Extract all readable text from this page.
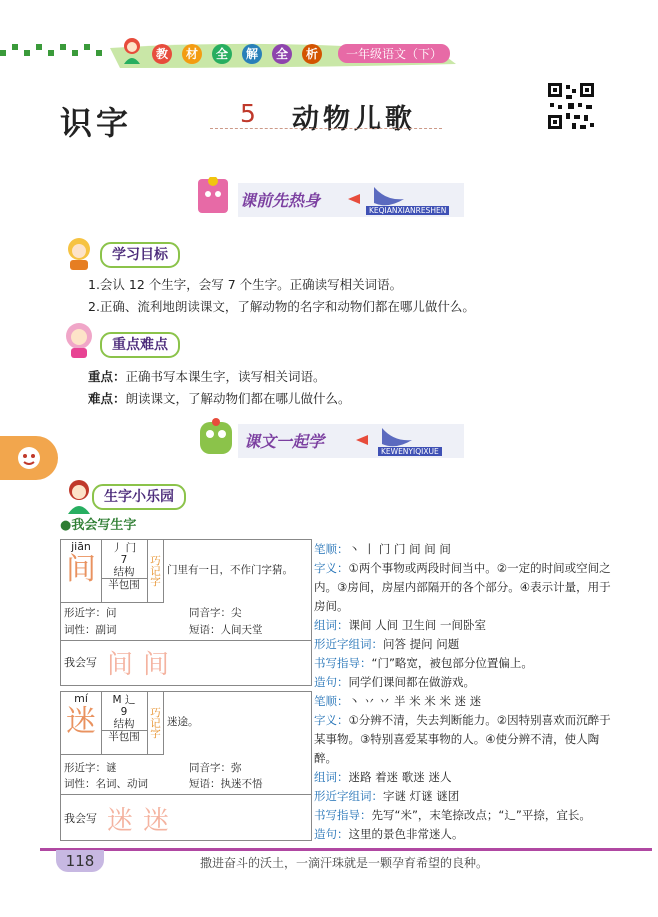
教	材	全	解	全	析	一年级语文（下）
识字	5 动物儿歌
课前先热身
KEQIANXIANRESHEN
学习目标
1.会认 12 个生字，会写 7 个生字。正确读写相关词语。
2.正确、流利地朗读课文，了解动物的名字和动物们都在哪儿做什么。
重点难点
重点：正确书写本课生字，读写相关词语。
难点：朗读课文，了解动物们都在哪儿做什么。
课文一起学
KEWENYIQIXUE
生字小乐园
●我会写生字
jiān
间
丿 门
7
结构
半包围 巧记字 门里有一日，不作门字猜。
形近字：问	同音字：尖
词性：副词	短语：人间天堂
我会写 间间
笔顺：丶 丨 门 门 间 间 间
字义：①两个事物或两段时间当中。②一定的时间或空间之内。③房间，房屋内部隔开的各个部分。④表示计量，用于房间。
组词：课间 人间 卫生间 一间卧室
形近字组词：问答 提问 问题
书写指导：“门”略宽，被包部分位置偏上。
造句：同学们课间都在做游戏。
mí
迷
M 辶
9
结构
半包围 巧记字 迷途。
形近字：谜	同音字：弥
词性：名词、动词	短语：执迷不悟
我会写 迷迷
笔顺：丶 丷 丷 半 米 米 米 迷 迷
字义：①分辨不清，失去判断能力。②因特别喜欢而沉醉于某事物。③特别喜爱某事物的人。④使分辨不清，使人陶醉。
组词：迷路 着迷 歌迷 迷人
形近字组词：字谜 灯谜 谜团
书写指导：先写“米”，末笔捺改点；“辶”平捺，宜长。
造句：这里的景色非常迷人。
118	撒进奋斗的沃土，一滴汗珠就是一颗孕育希望的良种。
